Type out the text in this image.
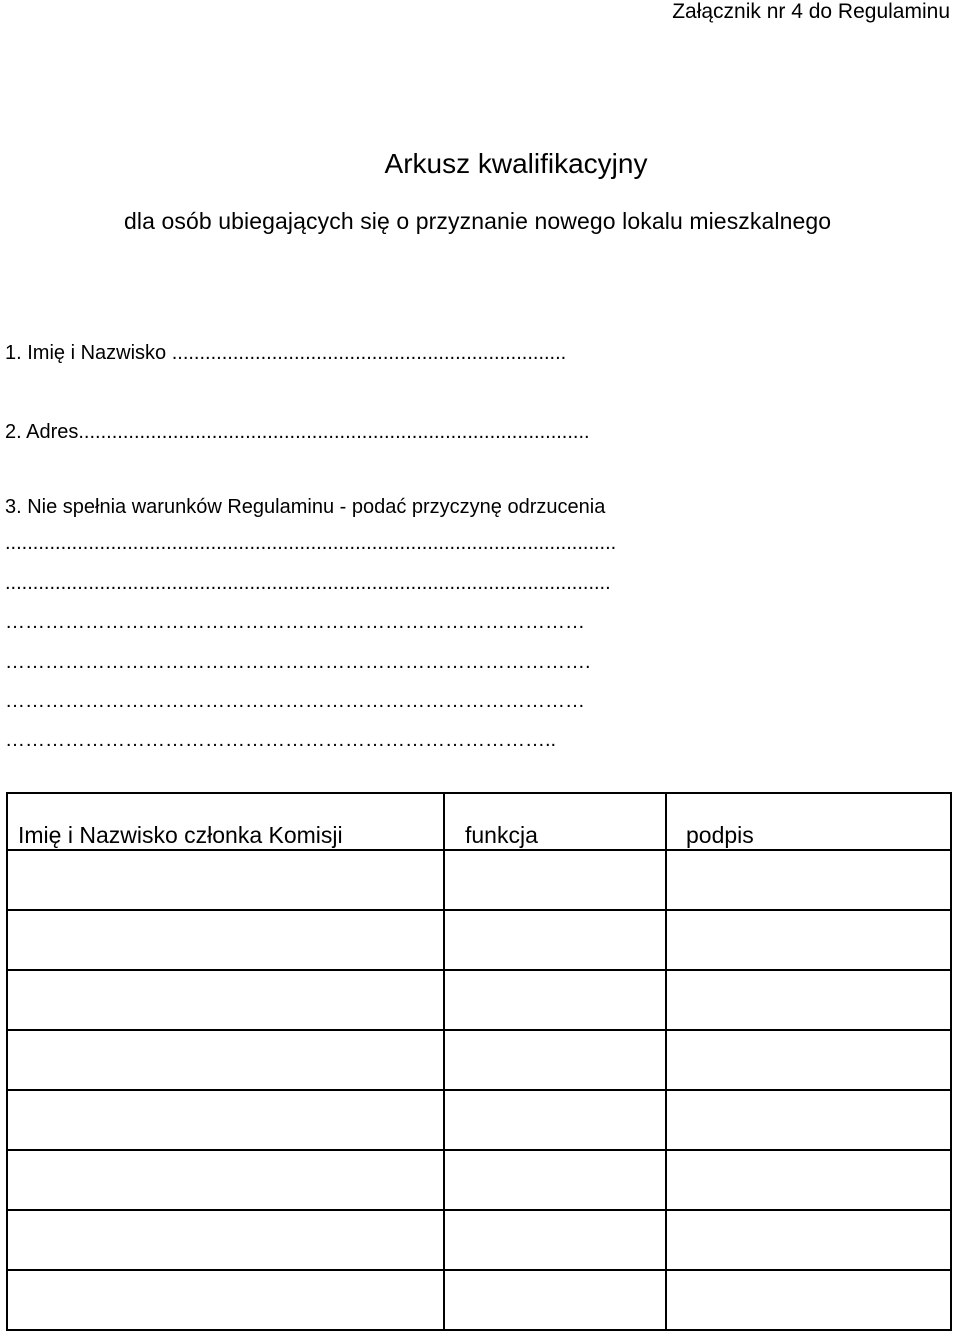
Załącznik nr 4 do Regulaminu
Arkusz kwalifikacyjny
dla osób ubiegających się o przyznanie nowego lokalu mieszkalnego
1. Imię i Nazwisko .......................................................................
2. Adres............................................................................................
3. Nie spełnia warunków Regulaminu - podać przyczynę odrzucenia
..............................................................................................................
.............................................................................................................
……………………………………………………………………………
…………………………………………………………………………….
……………………………………………………………………………
………………………………………………………………………..
Imię i Nazwisko członka Komisji	funkcja	podpis
